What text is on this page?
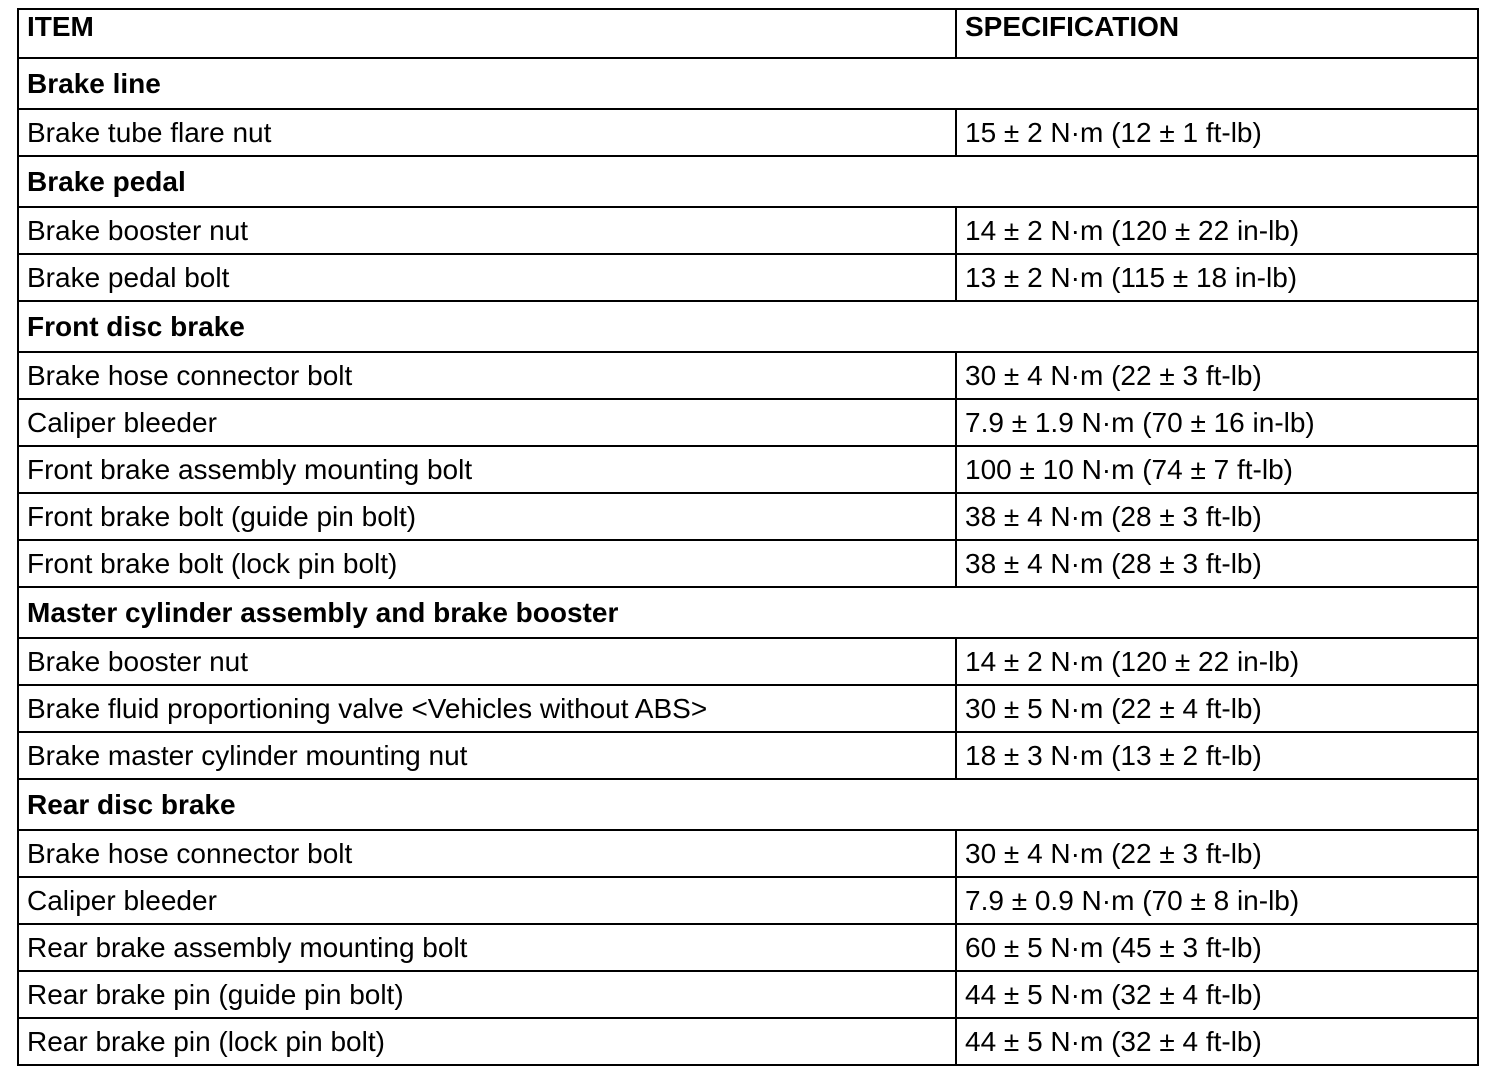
ITEM	SPECIFICATION
Brake line	
Brake tube flare nut	15 ± 2 N·m (12 ± 1 ft-lb)
Brake pedal	
Brake booster nut	14 ± 2 N·m (120 ± 22 in-lb)
Brake pedal bolt	13 ± 2 N·m (115 ± 18 in-lb)
Front disc brake	
Brake hose connector bolt	30 ± 4 N·m (22 ± 3 ft-lb)
Caliper bleeder	7.9 ± 1.9 N·m (70 ± 16 in-lb)
Front brake assembly mounting bolt	100 ± 10 N·m (74 ± 7 ft-lb)
Front brake bolt (guide pin bolt)	38 ± 4 N·m (28 ± 3 ft-lb)
Front brake bolt (lock pin bolt)	38 ± 4 N·m (28 ± 3 ft-lb)
Master cylinder assembly and brake booster	
Brake booster nut	14 ± 2 N·m (120 ± 22 in-lb)
Brake fluid proportioning valve <Vehicles without ABS>	30 ± 5 N·m (22 ± 4 ft-lb)
Brake master cylinder mounting nut	18 ± 3 N·m (13 ± 2 ft-lb)
Rear disc brake	
Brake hose connector bolt	30 ± 4 N·m (22 ± 3 ft-lb)
Caliper bleeder	7.9 ± 0.9 N·m (70 ± 8 in-lb)
Rear brake assembly mounting bolt	60 ± 5 N·m (45 ± 3 ft-lb)
Rear brake pin (guide pin bolt)	44 ± 5 N·m (32 ± 4 ft-lb)
Rear brake pin (lock pin bolt)	44 ± 5 N·m (32 ± 4 ft-lb)
